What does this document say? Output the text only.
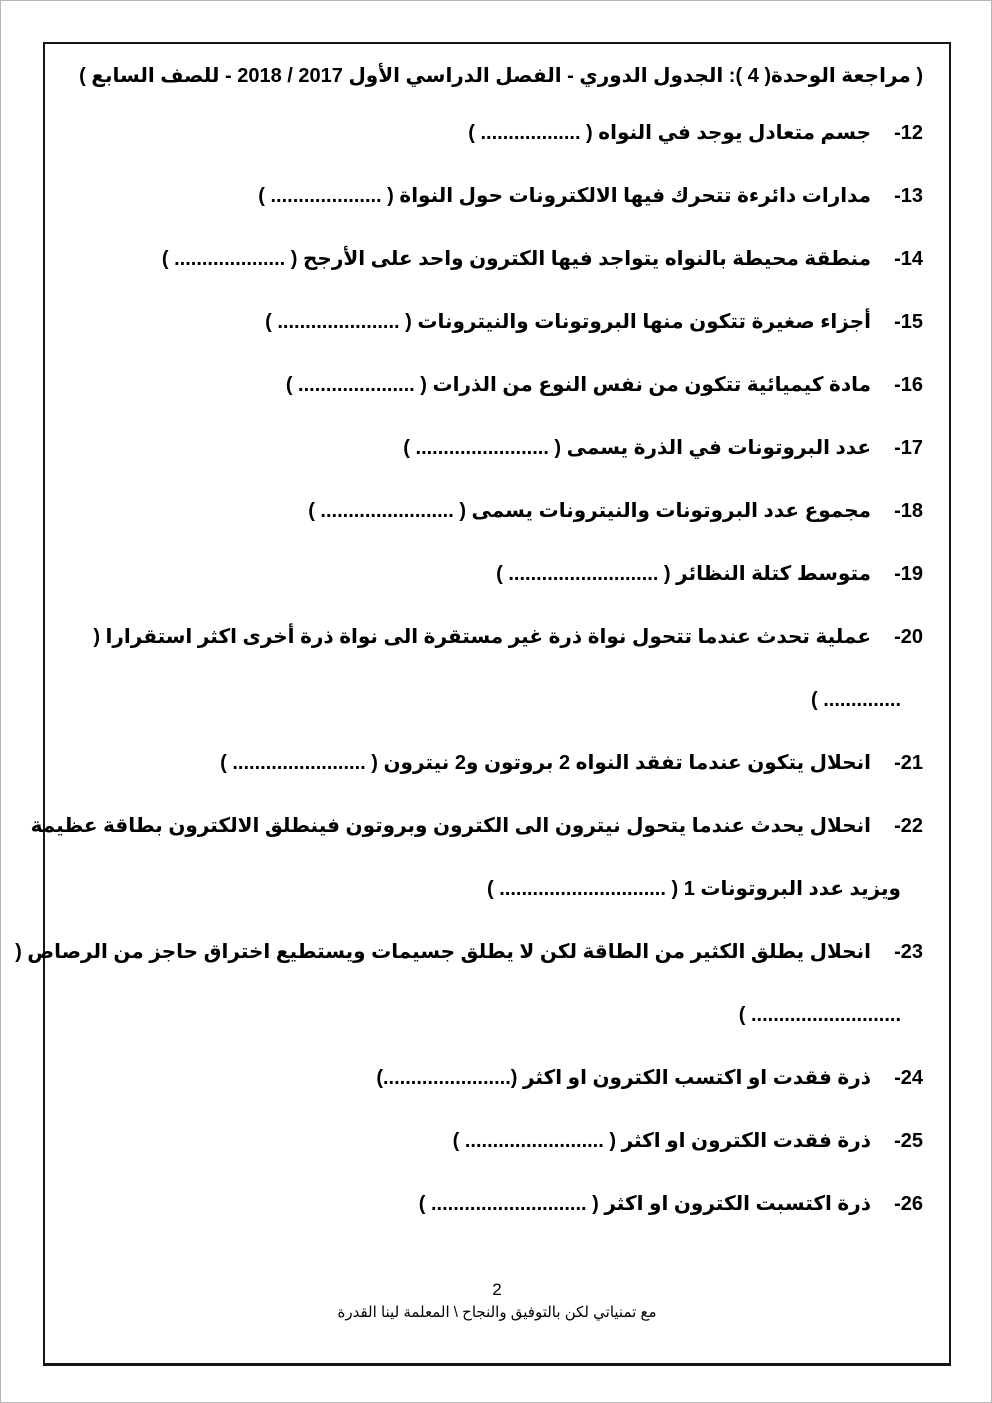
( مراجعة الوحدة( 4 ): الجدول الدوري - الفصل الدراسي الأول 2017 / 2018 - للصف السابع )
12-جسم متعادل يوجد في النواه ( .................. )
13-مدارات دائرءة تتحرك فيها الالكترونات حول النواة ( .................... )
14-منطقة محيطة بالنواه يتواجد فيها الكترون واحد على الأرجح ( .................... )
15-أجزاء صغيرة تتكون منها البروتونات والنيترونات ( ...................... )
16-مادة كيميائية تتكون من نفس النوع من الذرات ( ..................... )
17-عدد البروتونات في الذرة يسمى ( ........................ )
18-مجموع عدد البروتونات والنيترونات يسمى ( ........................ )
19-متوسط كتلة النظائر ( ........................... )
20-عملية تحدث عندما تتحول نواة ذرة غير مستقرة الى نواة ذرة أخرى اكثر استقرارا (
.............. )
21-انحلال يتكون عندما تفقد النواه 2 بروتون و2 نيترون ( ........................ )
22-انحلال يحدث عندما يتحول نيترون الى الكترون وبروتون فينطلق الالكترون بطاقة عظيمة
ويزيد عدد البروتونات 1 ( .............................. )
23-انحلال يطلق الكثير من الطاقة لكن لا يطلق جسيمات ويستطيع اختراق حاجز من الرصاص (
........................... )
24-ذرة فقدت او اكتسب الكترون او اكثر (.......................)
25-ذرة فقدت الكترون او اكثر ( ......................... )
26-ذرة اكتسبت الكترون او اكثر ( ............................ )
2
مع تمنياتي لكن بالتوفيق والنجاح \ المعلمة لينا القدرة
